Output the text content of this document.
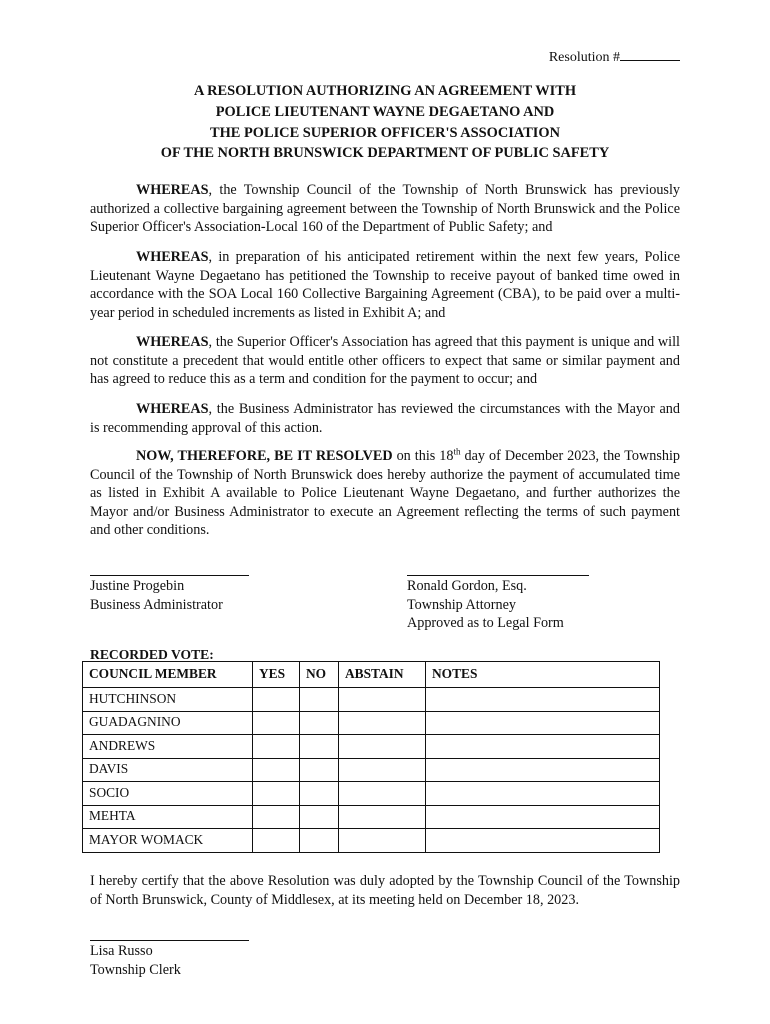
Resolution #
A RESOLUTION AUTHORIZING AN AGREEMENT WITH
POLICE LIEUTENANT WAYNE DEGAETANO AND
THE POLICE SUPERIOR OFFICER'S ASSOCIATION
OF THE NORTH BRUNSWICK DEPARTMENT OF PUBLIC SAFETY

WHEREAS, the Township Council of the Township of North Brunswick has previously authorized a collective bargaining agreement between the Township of North Brunswick and the Police Superior Officer's Association-Local 160 of the Department of Public Safety; and

WHEREAS, in preparation of his anticipated retirement within the next few years, Police Lieutenant Wayne Degaetano has petitioned the Township to receive payout of banked time owed in accordance with the SOA Local 160 Collective Bargaining Agreement (CBA), to be paid over a multi-year period in scheduled increments as listed in Exhibit A; and

WHEREAS, the Superior Officer's Association has agreed that this payment is unique and will not constitute a precedent that would entitle other officers to expect that same or similar payment and has agreed to reduce this as a term and condition for the payment to occur; and

WHEREAS, the Business Administrator has reviewed the circumstances with the Mayor and is recommending approval of this action.

NOW, THEREFORE, BE IT RESOLVED on this 18th day of December 2023, the Township Council of the Township of North Brunswick does hereby authorize the payment of accumulated time as listed in Exhibit A available to Police Lieutenant Wayne Degaetano, and further authorizes the Mayor and/or Business Administrator to execute an Agreement reflecting the terms of such payment and other conditions.

Justine Progebin
Business Administrator
Ronald Gordon, Esq.
Township Attorney
Approved as to Legal Form
RECORDED VOTE:
COUNCIL MEMBER	YES	NO	ABSTAIN	NOTES
HUTCHINSON				
GUADAGNINO				
ANDREWS				
DAVIS				
SOCIO				
MEHTA				
MAYOR WOMACK				

I hereby certify that the above Resolution was duly adopted by the Township Council of the Township of North Brunswick, County of Middlesex, at its meeting held on December 18, 2023.

Lisa Russo
Township Clerk
